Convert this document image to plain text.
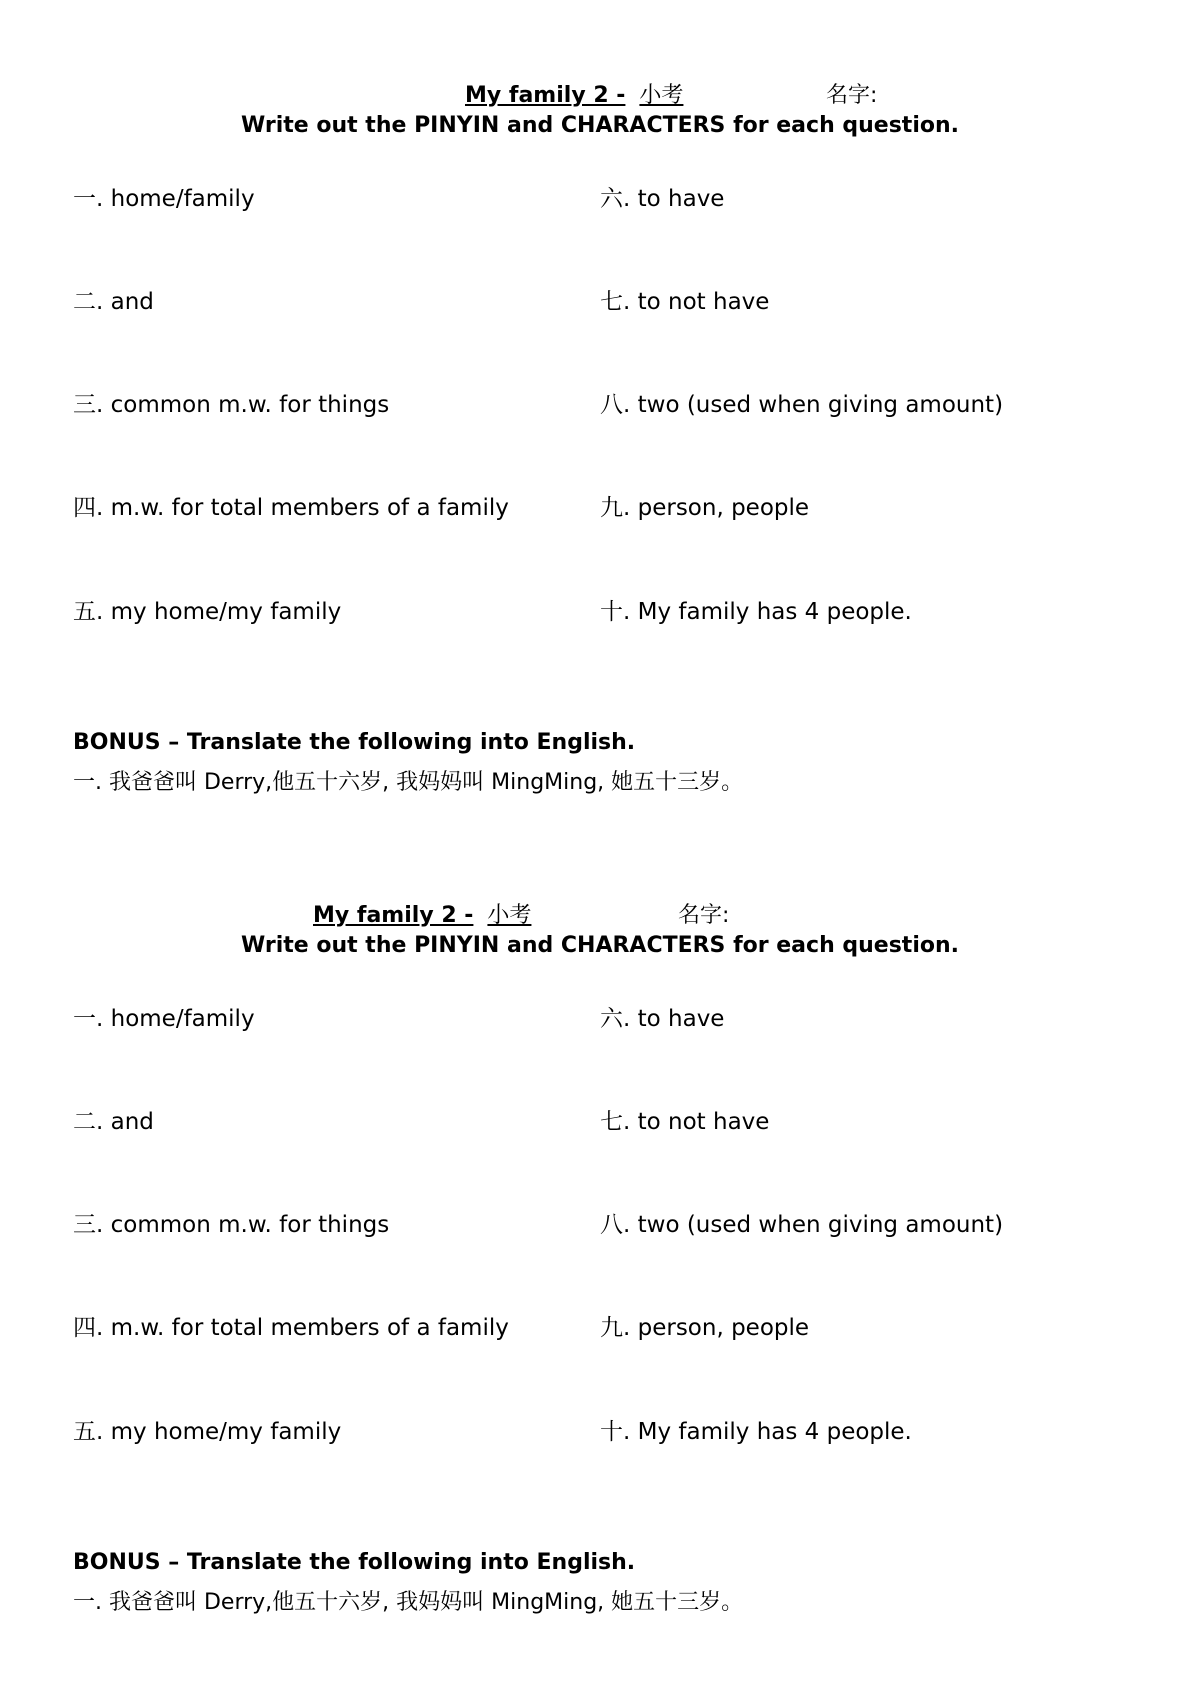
My family 2 - 小考	名字:
Write out the PINYIN and CHARACTERS for each question.
一. home/family
二. and
三. common m.w. for things
四. m.w. for total members of a family
五. my home/my family
六. to have
七. to not have
八. two (used when giving amount)
九. person, people
十. My family has 4 people.
BONUS – Translate the following into English.
一. 我爸爸叫 Derry,他五十六岁, 我妈妈叫 MingMing, 她五十三岁。
My family 2 - 小考	名字:
Write out the PINYIN and CHARACTERS for each question.
一. home/family
二. and
三. common m.w. for things
四. m.w. for total members of a family
五. my home/my family
六. to have
七. to not have
八. two (used when giving amount)
九. person, people
十. My family has 4 people.
BONUS – Translate the following into English.
一. 我爸爸叫 Derry,他五十六岁, 我妈妈叫 MingMing, 她五十三岁。
